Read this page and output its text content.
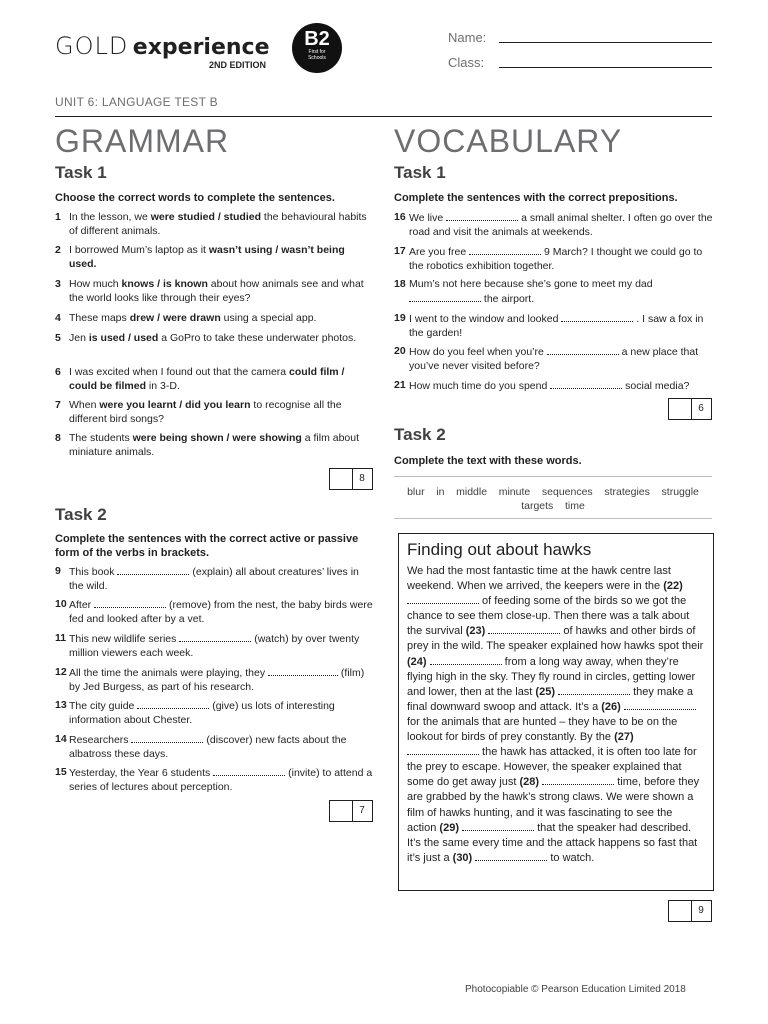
GOLD experience
2ND EDITION
B2
First for
Schools
Name:
Class:
UNIT 6: LANGUAGE TEST B
GRAMMAR
Task 1
Choose the correct words to complete the sentences.
1 In the lesson, we were studied / studied the behavioural habits of different animals.
2 I borrowed Mum’s laptop as it wasn’t using / wasn’t being used.
3 How much knows / is known about how animals see and what the world looks like through their eyes?
4 These maps drew / were drawn using a special app.
5 Jen is used / used a GoPro to take these underwater photos.
6 I was excited when I found out that the camera could film / could be filmed in 3-D.
7 When were you learnt / did you learn to recognise all the different bird songs?
8 The students were being shown / were showing a film about miniature animals.
8
Task 2
Complete the sentences with the correct active or passive form of the verbs in brackets.
9 This book	(explain) all about creatures’ lives in the wild.
10 After	(remove) from the nest, the baby birds were fed and looked after by a vet.
11 This new wildlife series	(watch) by over twenty million viewers each week.
12 All the time the animals were playing, they	(film) by Jed Burgess, as part of his research.
13 The city guide	(give) us lots of interesting information about Chester.
14 Researchers	(discover) new facts about the albatross these days.
15 Yesterday, the Year 6 students	(invite) to attend a series of lectures about perception.
7
VOCABULARY
Task 1
Complete the sentences with the correct prepositions.
16 We live	a small animal shelter. I often go over the road and visit the animals at weekends.
17 Are you free	9 March? I thought we could go to the robotics exhibition together.
18 Mum’s not here because she’s gone to meet my dad  the airport.
19 I went to the window and looked	. I saw a fox in the garden!
20 How do you feel when you’re	a new place that you’ve never visited before?
21 How much time do you spend	social media?
6
Task 2
Complete the text with these words.
blur    in    middle    minute    sequences    strategies    struggle
targets    time
Finding out about hawks
We had the most fantastic time at the hawk centre last weekend. When we arrived, the keepers were in the (22)  of feeding some of the birds so we got the chance to see them close-up. Then there was a talk about the survival (23)	of hawks and other birds of prey in the wild. The speaker explained how hawks spot their (24)	from a long way away, when they’re flying high in the sky. They fly round in circles, getting lower and lower, then at the last (25)	they make a final downward swoop and attack. It’s a (26)  for the animals that are hunted – they have to be on the lookout for birds of prey constantly. By the (27)  the hawk has attacked, it is often too late for the prey to escape. However, the speaker explained that some do get away just (28)	time, before they are grabbed by the hawk’s strong claws. We were shown a film of hawks hunting, and it was fascinating to see the action (29)	that the speaker had described. It’s the same every time and the attack happens so fast that it’s just a (30)	to watch.
9
Photocopiable © Pearson Education Limited 2018
